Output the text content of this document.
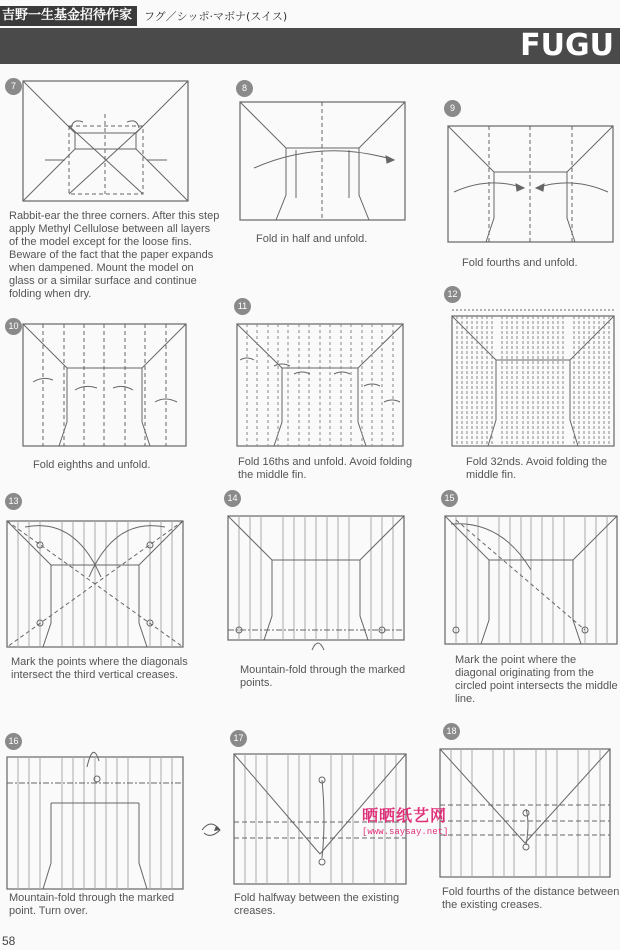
吉野一生基金招待作家	フグ／シッポ·マボナ(スイス)
FUGU
7
Rabbit-ear the three corners. After this step apply Methyl Cellulose between all layers of the model except for the loose fins. Beware of the fact that the paper expands when dampened. Mount the model on glass or a similar surface and continue folding when dry.
8
Fold in half and unfold.
9
Fold fourths and unfold.
10
Fold eighths and unfold.
11
Fold 16ths and unfold. Avoid folding the middle fin.
12
Fold 32nds. Avoid folding the middle fin.
13
Mark the points where the diagonals intersect the third vertical creases.
14
Mountain-fold through the marked points.
15
Mark the point where the diagonal originating from the circled point intersects the middle line.
16
Mountain-fold through the marked point. Turn over.
17
Fold halfway between the existing creases.
18
Fold fourths of the distance between the existing creases.
晒晒纸艺网
[www.saysay.net]
58
